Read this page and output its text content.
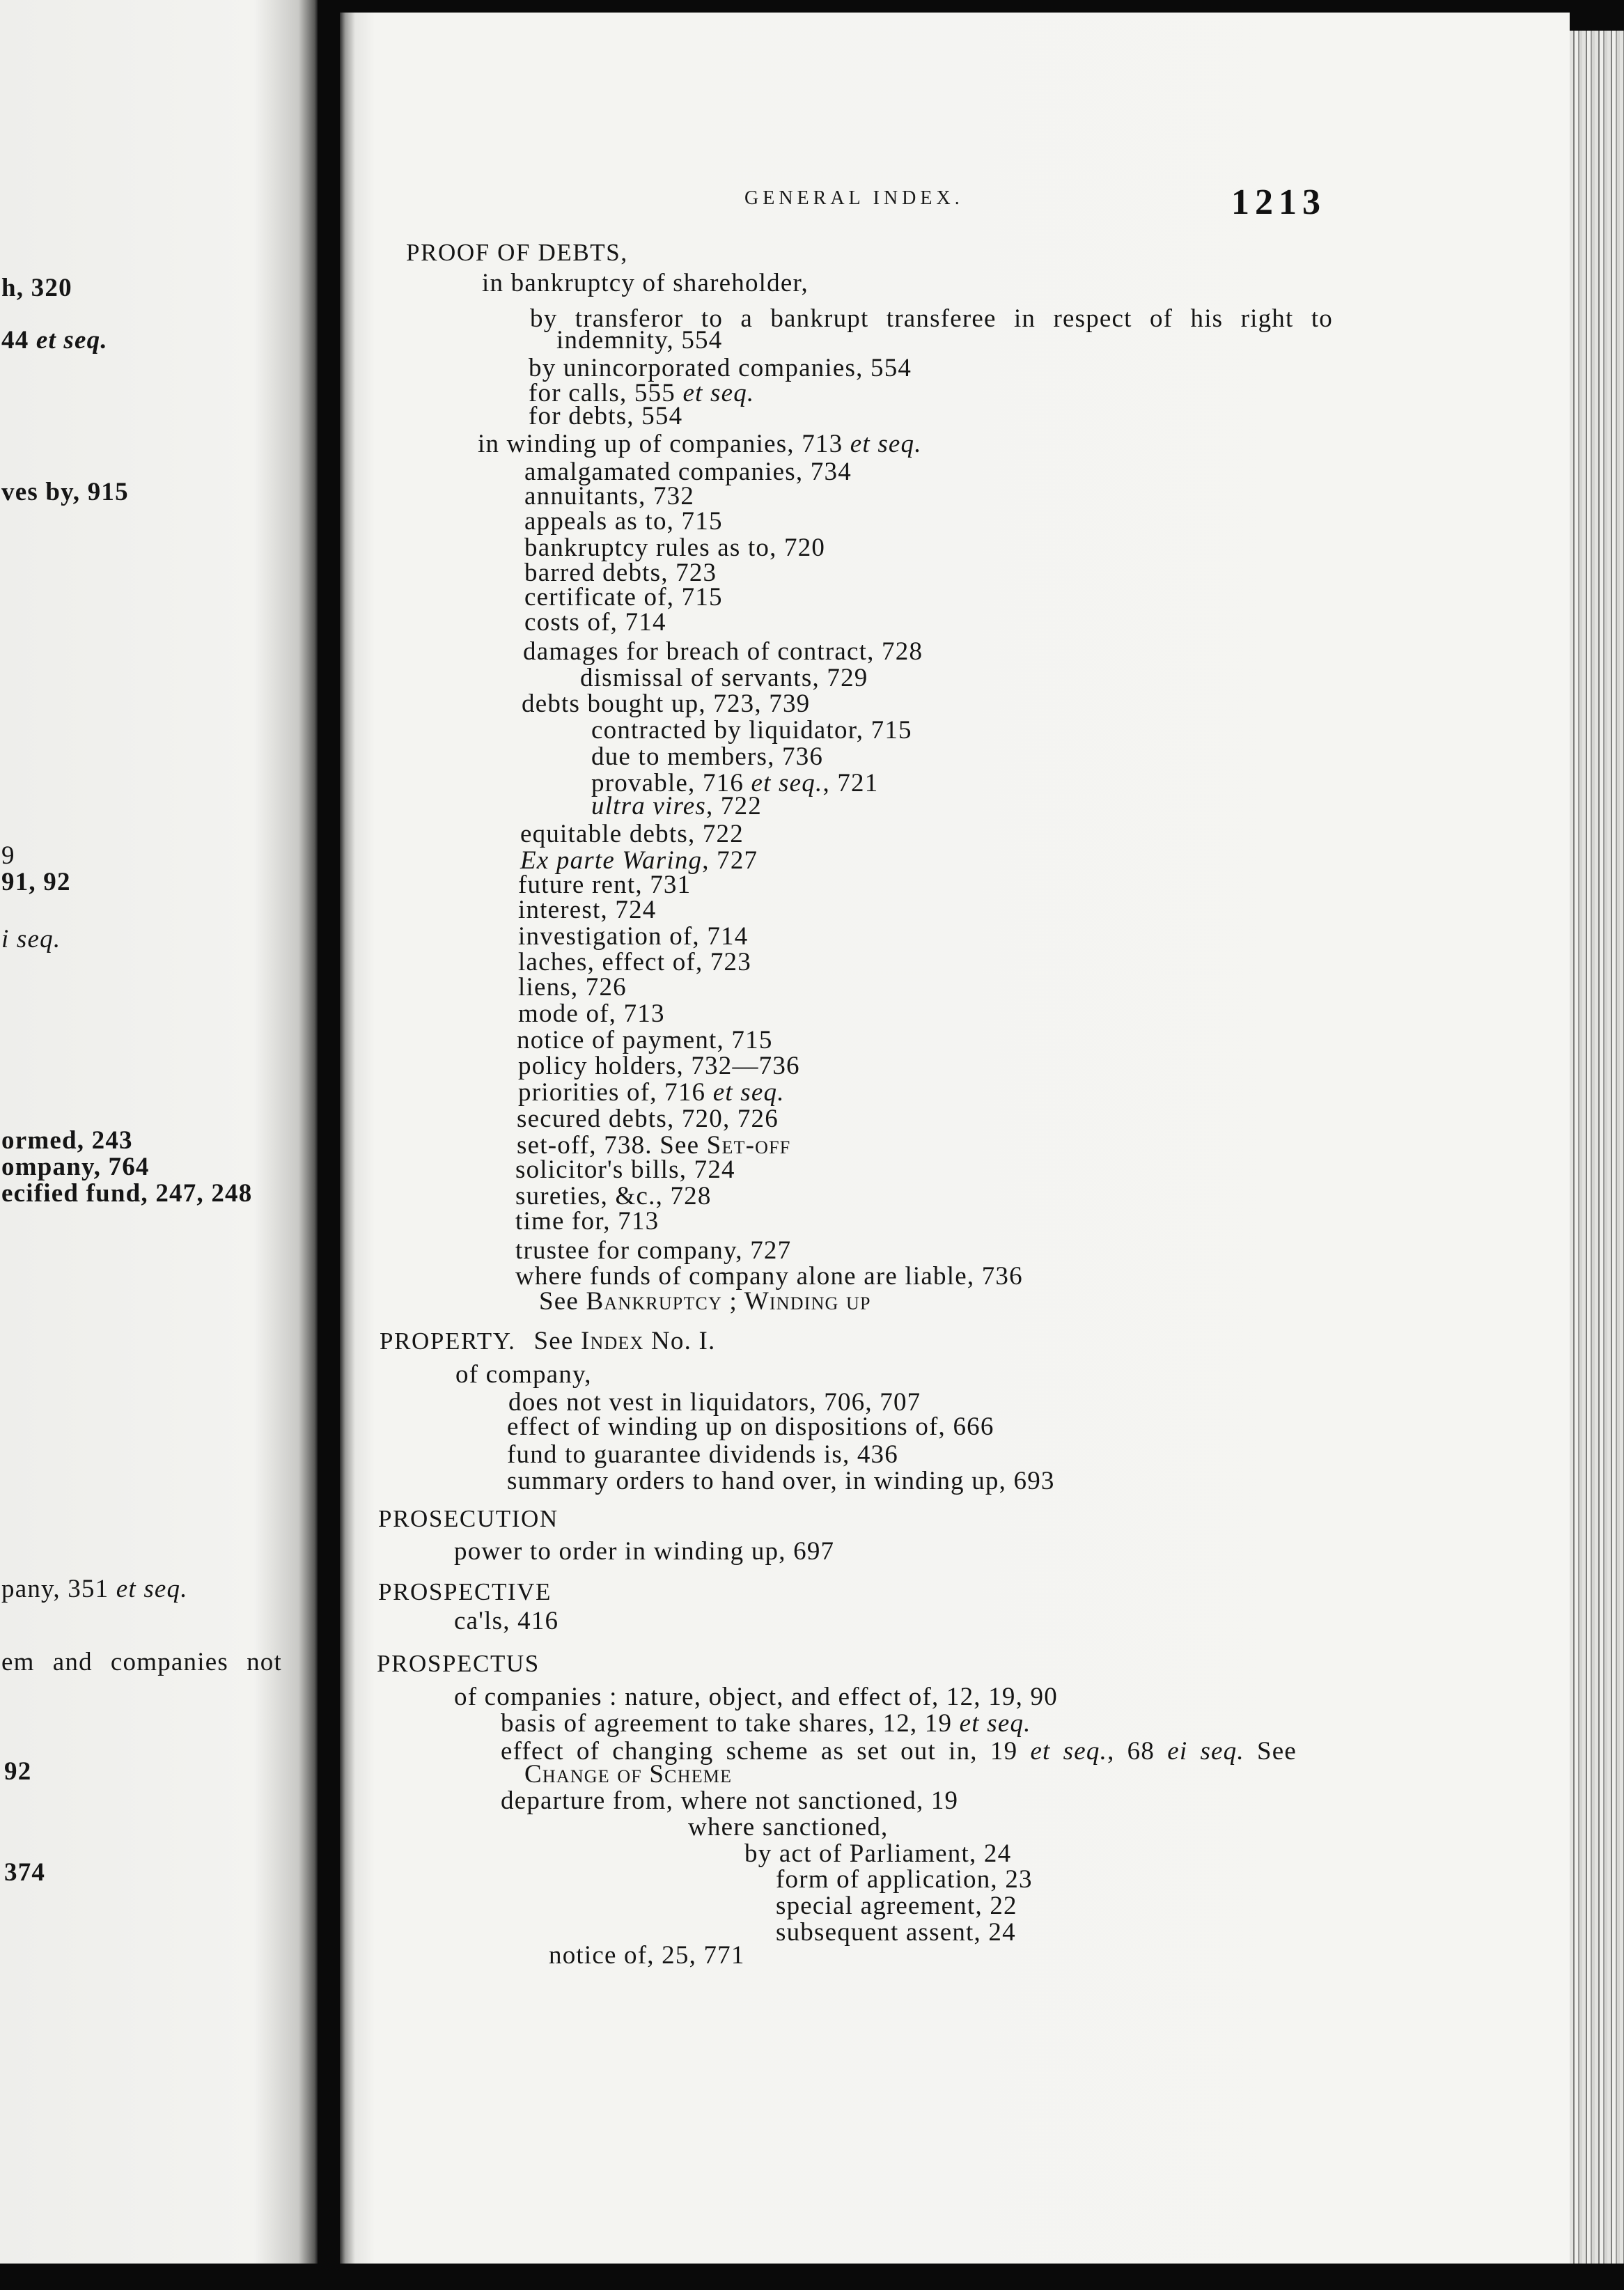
h, 320
44 et seq.
ves by, 915
9
91, 92
i seq.
ormed, 243
ompany, 764
ecified fund, 247, 248
pany, 351 et seq.
em and companies not
92
374
GENERAL INDEX.	1213
PROOF OF DEBTS,
in bankruptcy of shareholder,
by transferor to a bankrupt transferee in respect of his right to
indemnity, 554
by unincorporated companies, 554
for calls, 555 et seq.
for debts, 554
in winding up of companies, 713 et seq.
amalgamated companies, 734
annuitants, 732
appeals as to, 715
bankruptcy rules as to, 720
barred debts, 723
certificate of, 715
costs of, 714
damages for breach of contract, 728
dismissal of servants, 729
debts bought up, 723, 739
contracted by liquidator, 715
due to members, 736
provable, 716 et seq., 721
ultra vires, 722
equitable debts, 722
Ex parte Waring, 727
future rent, 731
interest, 724
investigation of, 714
laches, effect of, 723
liens, 726
mode of, 713
notice of payment, 715
policy holders, 732—736
priorities of, 716 et seq.
secured debts, 720, 726
set-off, 738. See Set-off
solicitor's bills, 724
sureties, &c., 728
time for, 713
trustee for company, 727
where funds of company alone are liable, 736
See Bankruptcy ; Winding up
PROPERTY. See Index No. I.
of company,
does not vest in liquidators, 706, 707
effect of winding up on dispositions of, 666
fund to guarantee dividends is, 436
summary orders to hand over, in winding up, 693
PROSECUTION
power to order in winding up, 697
PROSPECTIVE
ca'ls, 416
PROSPECTUS
of companies : nature, object, and effect of, 12, 19, 90
basis of agreement to take shares, 12, 19 et seq.
effect of changing scheme as set out in, 19 et seq., 68 ei seq. See
Change of Scheme
departure from, where not sanctioned, 19
where sanctioned,
by act of Parliament, 24
form of application, 23
special agreement, 22
subsequent assent, 24
notice of, 25, 771
